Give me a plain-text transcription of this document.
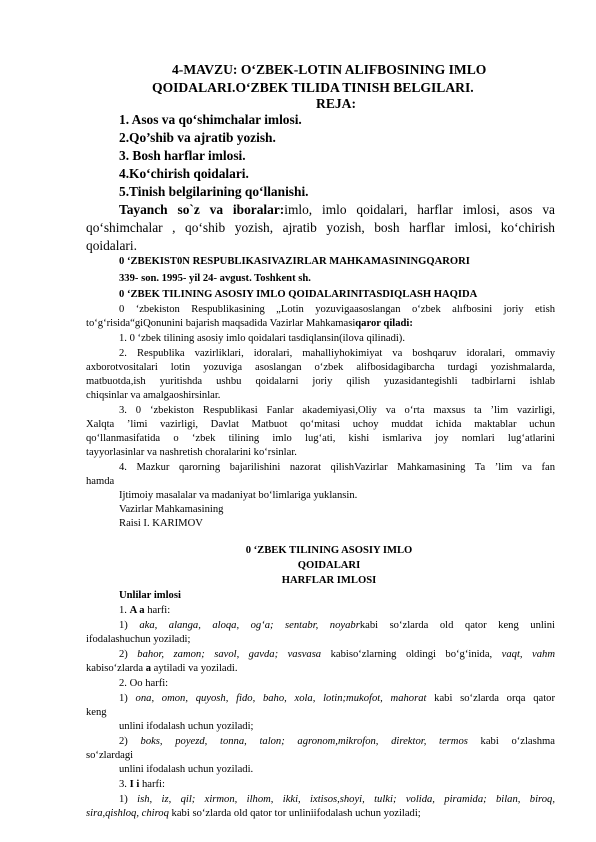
4-MAVZU: O‘ZBEK-LOTIN ALIFBOSINING IMLO
QOIDALARI.O‘ZBEK TILIDA TINISH BELGILARI.
REJA:
1. Asos va qo‘shimchalar imlosi.
2.Qo’shib va ajratib yozish.
3. Bosh harflar imlosi.
4.Ko‘chirish qoidalari.
5.Tinish belgilarining qo‘llanishi.
Tayanch so`z va iboralar:imlo, imlo qoidalari, harflar imlosi, asos va
qo‘shimchalar , qo‘shib yozish, ajratib yozish, bosh harflar imlosi, ko‘chirish
qoidalari.
0 ‘ZBEKIST0N RESPUBLIKASIVAZIRLAR MAHKAMASININGQARORI
339- son. 1995- yil 24- avgust. Toshkent sh.
0 ‘ZBEK TILINING ASOSIY IMLO QOIDALARINITASDIQLASH HAQIDA
0 ‘zbekiston Respublikasining „Lotin yozuvigaasoslangan o‘zbek alıfbosini joriy etish
to‘g‘risida“giQonunini bajarish maqsadida Vazirlar Mahkamasiqaror qiladi:
1. 0 ‘zbek tilining asosiy imlo qoidalari tasdiqlansin(ilova qilinadi).
2. Respublika vazirliklari, idoralari, mahalliyhokimiyat va boshqaruv idoralari, ommaviy
axborotvositalari lotin yozuviga asoslangan o‘zbek alifbosidagibarcha turdagi yozishmalarda,
matbuotda,ish yuritishda ushbu qoidalarni joriy qilish yuzasidantegishli tadbirlarni ishlab
chiqsinlar va amalgaoshirsinlar.
3. 0 ‘zbekiston Respublikasi Fanlar akademiyasi,Oliy va o‘rta maxsus ta ’lim vazirligi,
Xalqta ’limi vazirligi, Davlat Matbuot qo‘mitasi uchoy muddat ichida maktablar uchun
qo‘llanmasifatida o ‘zbek tilining imlo lug‘ati, kishi ismlariva joy nomlari lug‘atlarini
tayyorlasinlar va nashretish choralarini ko‘rsinlar.
4. Mazkur qarorning bajarilishini nazorat qilishVazirlar Mahkamasining Ta ’lim va fan
hamda
Ijtimoiy masalalar va madaniyat bo‘limlariga yuklansin.
Vazirlar Mahkamasining
Raisi I. KARIMOV
0 ‘ZBEK TILINING ASOSIY IMLO
QOIDALARI
HARFLAR IMLOSI
Unlilar imlosi
1. A a harfi:
1) aka, alanga, aloqa, og‘a; sentabr, noyabrkabi so‘zlarda old qator keng unlini
ifodalashuchun yoziladi;
2) bahor, zamon; savol, gavda; vasvasa kabiso‘zlarning oldingi bo‘g‘inida, vaqt, vahm
kabiso‘zlarda a aytiladi va yoziladi.
2. Oo harfi:
1) ona, omon, quyosh, fido, baho, xola, lotin;mukofot, mahorat kabi so‘zlarda orqa qator
keng
unlini ifodalash uchun yoziladi;
2) boks, poyezd, tonna, talon; agronom,mikrofon, direktor, termos kabi o‘zlashma
so‘zlardagi
unlini ifodalash uchun yoziladi.
3. I i harfi:
1) ish, iz, qil; xirmon, ilhom, ikki, ixtisos,shoyi, tulki; volida, piramida; bilan, biroq,
sira,qishloq, chiroq kabi so‘zlarda old qator tor unliniifodalash uchun yoziladi;
